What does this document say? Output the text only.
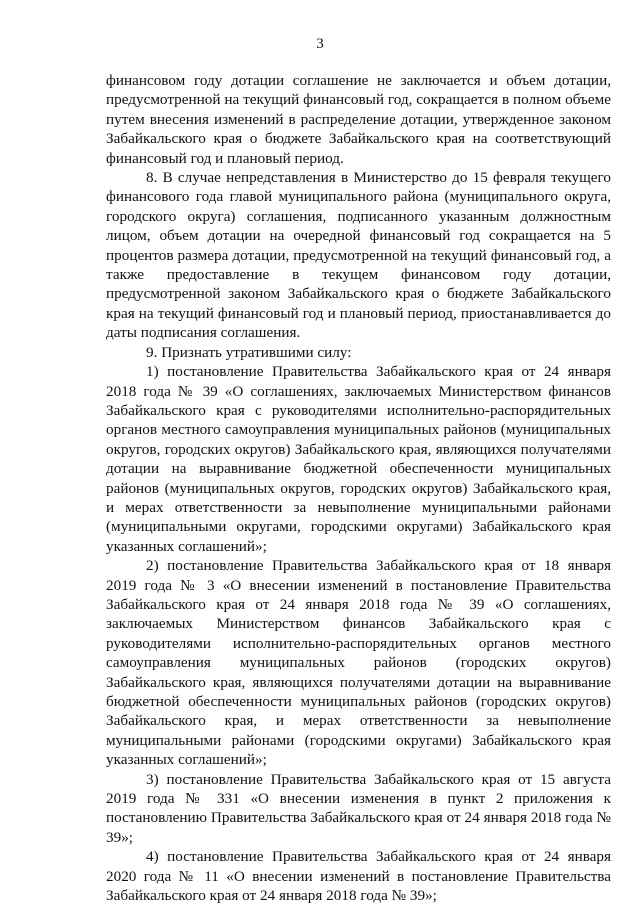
3

финансовом году дотации соглашение не заключается и объем дотации, предусмотренной на текущий финансовый год, сокращается в полном объеме путем внесения изменений в распределение дотации, утвержденное законом Забайкальского края о бюджете Забайкальского края на соответствующий финансовый год и плановый период.

8. В случае непредставления в Министерство до 15 февраля текущего финансового года главой муниципального района (муниципального округа, городского округа) соглашения, подписанного указанным должностным лицом, объем дотации на очередной финансовый год сокращается на 5 процентов размера дотации, предусмотренной на текущий финансовый год, а также предоставление в текущем финансовом году дотации, предусмотренной законом Забайкальского края о бюджете Забайкальского края на текущий финансовый год и плановый период, приостанавливается до даты подписания соглашения.

9. Признать утратившими силу:

1) постановление Правительства Забайкальского края от 24 января 2018 года № 39 «О соглашениях, заключаемых Министерством финансов Забайкальского края с руководителями исполнительно-распорядительных органов местного самоуправления муниципальных районов (муниципальных округов, городских округов) Забайкальского края, являющихся получателями дотации на выравнивание бюджетной обеспеченности муниципальных районов (муниципальных округов, городских округов) Забайкальского края, и мерах ответственности за невыполнение муниципальными районами (муниципальными округами, городскими округами) Забайкальского края указанных соглашений»;

2) постановление Правительства Забайкальского края от 18 января 2019 года № 3 «О внесении изменений в постановление Правительства Забайкальского края от 24 января 2018 года № 39 «О соглашениях, заключаемых Министерством финансов Забайкальского края с руководителями исполнительно-распорядительных органов местного самоуправления муниципальных районов (городских округов) Забайкальского края, являющихся получателями дотации на выравнивание бюджетной обеспеченности муниципальных районов (городских округов) Забайкальского края, и мерах ответственности за невыполнение муниципальными районами (городскими округами) Забайкальского края указанных соглашений»;

3) постановление Правительства Забайкальского края от 15 августа 2019 года № 331 «О внесении изменения в пункт 2 приложения к постановлению Правительства Забайкальского края от 24 января 2018 года № 39»;

4) постановление Правительства Забайкальского края от 24 января 2020 года № 11 «О внесении изменений в постановление Правительства Забайкальского края от 24 января 2018 года № 39»;
